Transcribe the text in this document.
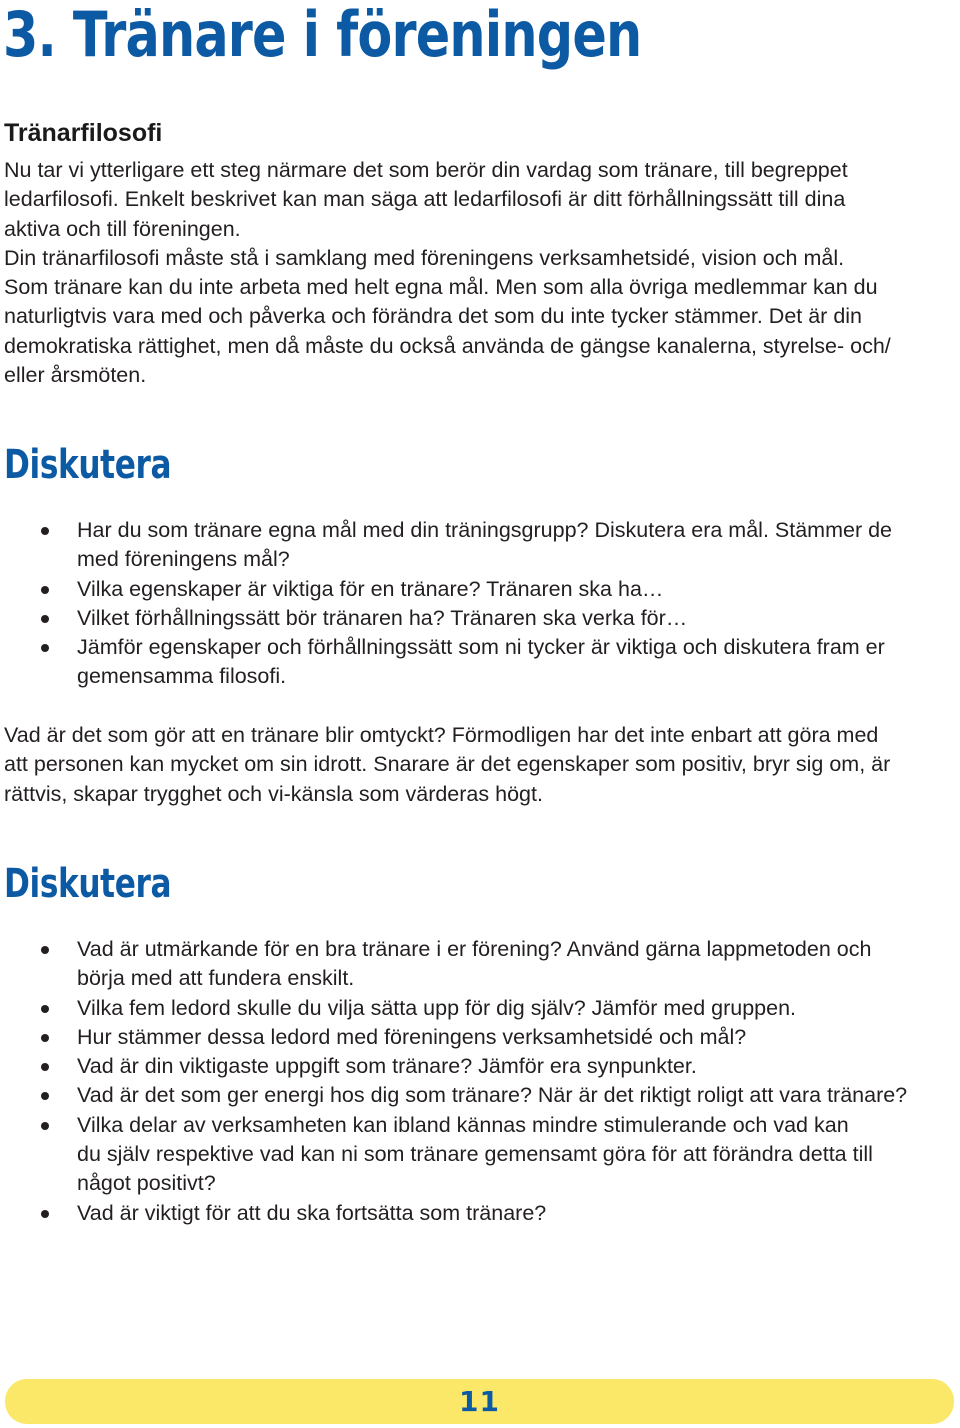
3. Tränare i föreningen
Tränarfilosofi

Nu tar vi ytterligare ett steg närmare det som berör din vardag som tränare, till begreppet
ledarfilosofi. Enkelt beskrivet kan man säga att ledarfilosofi är ditt förhållningssätt till dina
aktiva och till föreningen.
Din tränarfilosofi måste stå i samklang med föreningens verksamhetsidé, vision och mål.
Som tränare kan du inte arbeta med helt egna mål. Men som alla övriga medlemmar kan du
naturligtvis vara med och påverka och förändra det som du inte tycker stämmer. Det är din
demokratiska rättighet, men då måste du också använda de gängse kanalerna, styrelse- och/
eller årsmöten.

Diskutera
Har du som tränare egna mål med din träningsgrupp? Diskutera era mål. Stämmer de
med föreningens mål?
Vilka egenskaper är viktiga för en tränare? Tränaren ska ha…
Vilket förhållningssätt bör tränaren ha? Tränaren ska verka för…
Jämför egenskaper och förhållningssätt som ni tycker är viktiga och diskutera fram er
gemensamma filosofi.

Vad är det som gör att en tränare blir omtyckt? Förmodligen har det inte enbart att göra med
att personen kan mycket om sin idrott. Snarare är det egenskaper som positiv, bryr sig om, är
rättvis, skapar trygghet och vi-känsla som värderas högt.

Diskutera
Vad är utmärkande för en bra tränare i er förening? Använd gärna lappmetoden och
börja med att fundera enskilt.
Vilka fem ledord skulle du vilja sätta upp för dig själv? Jämför med gruppen.
Hur stämmer dessa ledord med föreningens verksamhetsidé och mål?
Vad är din viktigaste uppgift som tränare? Jämför era synpunkter.
Vad är det som ger energi hos dig som tränare? När är det riktigt roligt att vara tränare?
Vilka delar av verksamheten kan ibland kännas mindre stimulerande och vad kan
du själv respektive vad kan ni som tränare gemensamt göra för att förändra detta till
något positivt?
Vad är viktigt för att du ska fortsätta som tränare?
11
